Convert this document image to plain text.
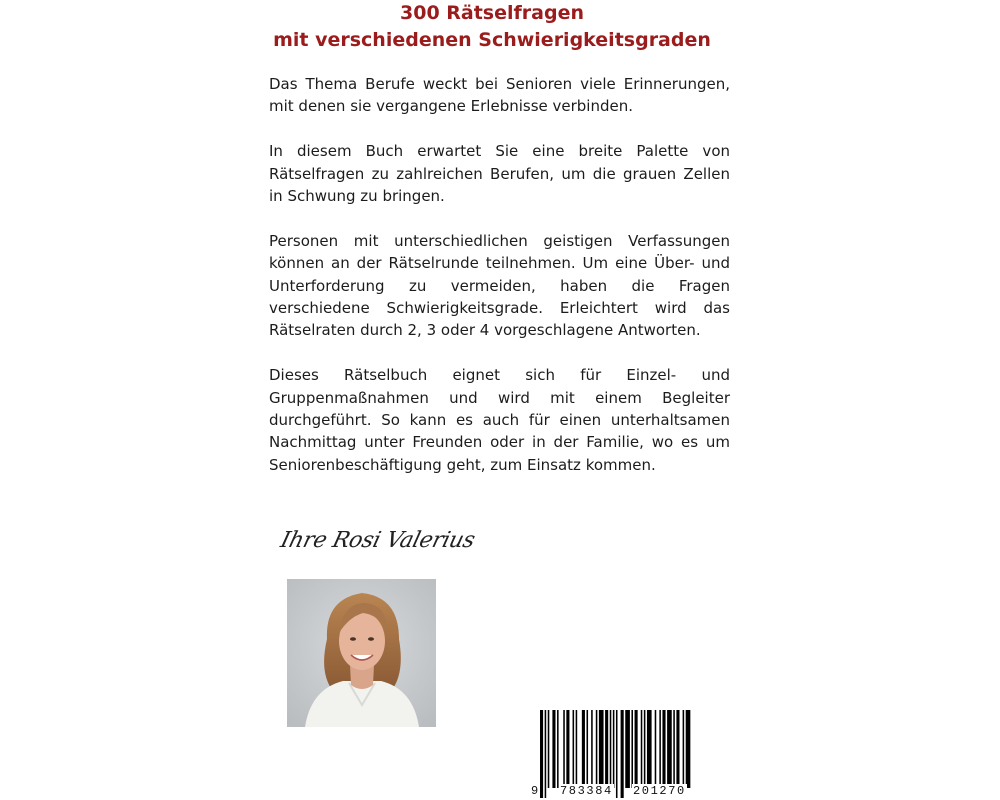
300 Rätselfragen
mit verschiedenen Schwierigkeitsgraden

Das Thema Berufe weckt bei Senioren viele Erinnerungen, mit denen sie vergangene Erlebnisse verbinden.

In diesem Buch erwartet Sie eine breite Palette von Rätselfragen zu zahlreichen Berufen, um die grauen Zellen in Schwung zu bringen.

Personen mit unterschiedlichen geistigen Verfassungen können an der Rätselrunde teilnehmen. Um eine Über- und Unterforderung zu vermeiden, haben die Fragen verschiedene Schwierigkeitsgrade. Erleichtert wird das Rätselraten durch 2, 3 oder 4 vorgeschlagene Antworten.

Dieses Rätselbuch eignet sich für Einzel- und Gruppenmaßnahmen und wird mit einem Begleiter durchgeführt. So kann es auch für einen unterhaltsamen Nachmittag unter Freunden oder in der Familie, wo es um Seniorenbeschäftigung geht, zum Einsatz kommen.

Ihre Rosi Valerius
9 783384 201270
